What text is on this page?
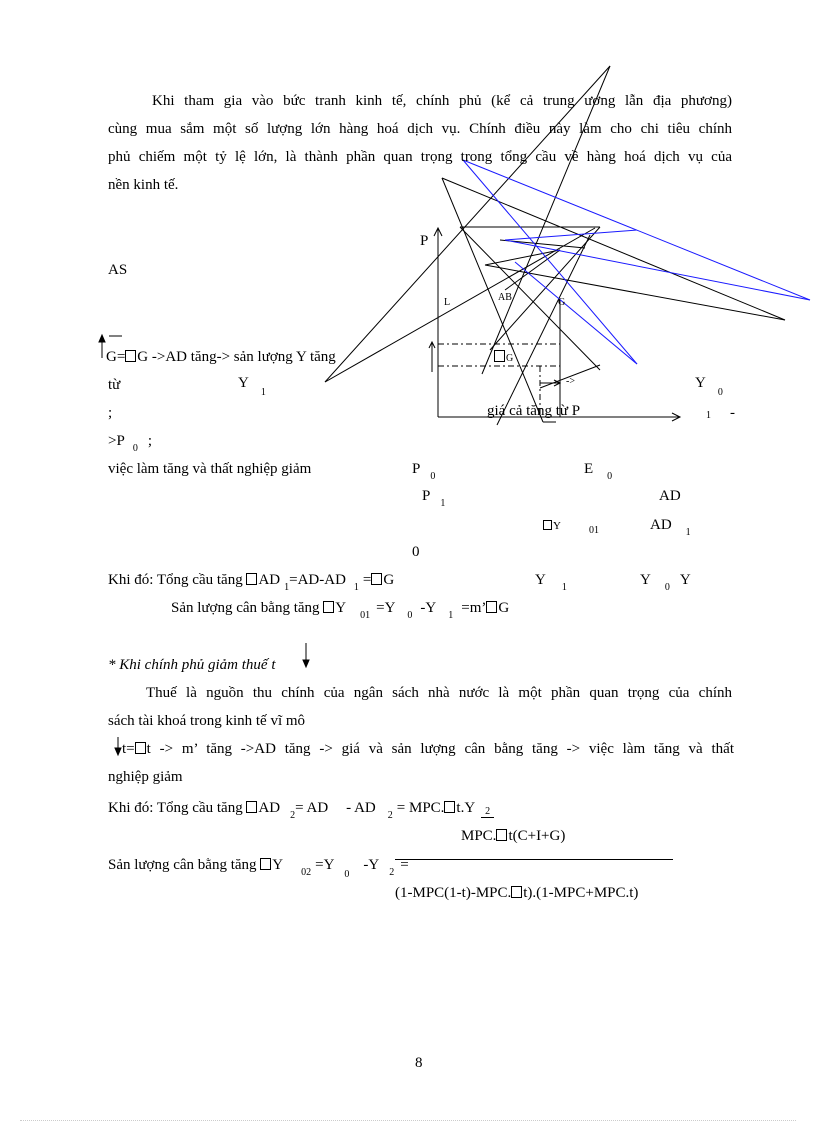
Khi tham gia vào bức tranh kinh tế, chính phủ (kể cả trung ương lẫn địa phương)
cùng mua sắm một số lượng lớn hàng hoá dịch vụ. Chính điều này làm cho chi tiêu chính
phủ chiếm một tỷ lệ lớn, là thành phần quan trọng trong tổng cầu về hàng hoá dịch vụ của
nền kinh tế.
P
AS
L	AB	G
G
->
G= G ->AD tăng-> sản lượng Y tăng
từ	$Y_1$
$Y_0$
;	giá cả tăng từ P	1 -
>P $_0$ ;
việc làm tăng và thất nghiệp giảm	P $_0$	E $_0$
P $_1$	AD
Y	$_{01}$	AD $_1$
0
Khi đó: Tổng cầu tăng AD $_1$=AD-AD $_1$ = G	Y $_1$	Y $_0$ Y
Sản lượng cân bằng tăng Y $_{01}$ =Y $_0$ -Y $_1$ =m’ G
* Khi chính phủ giảm thuế t
Thuế là nguồn thu chính của ngân sách nhà nước là một phần quan trọng của chính
sách tài khoá trong kinh tế vĩ mô
t= t -> m’ tăng ->AD tăng -> giá và sản lượng cân bằng tăng -> việc làm tăng và thất
nghiệp giảm
Khi đó: Tổng cầu tăng AD $_2$= AD - AD $_2$ = MPC. t.Y 2
MPC. t(C+I+G)
Sản lượng cân bằng tăng Y $_{02} =Y_0-Y$ $_2$ =
(1-MPC(1-t)-MPC. t).(1-MPC+MPC.t)
8
